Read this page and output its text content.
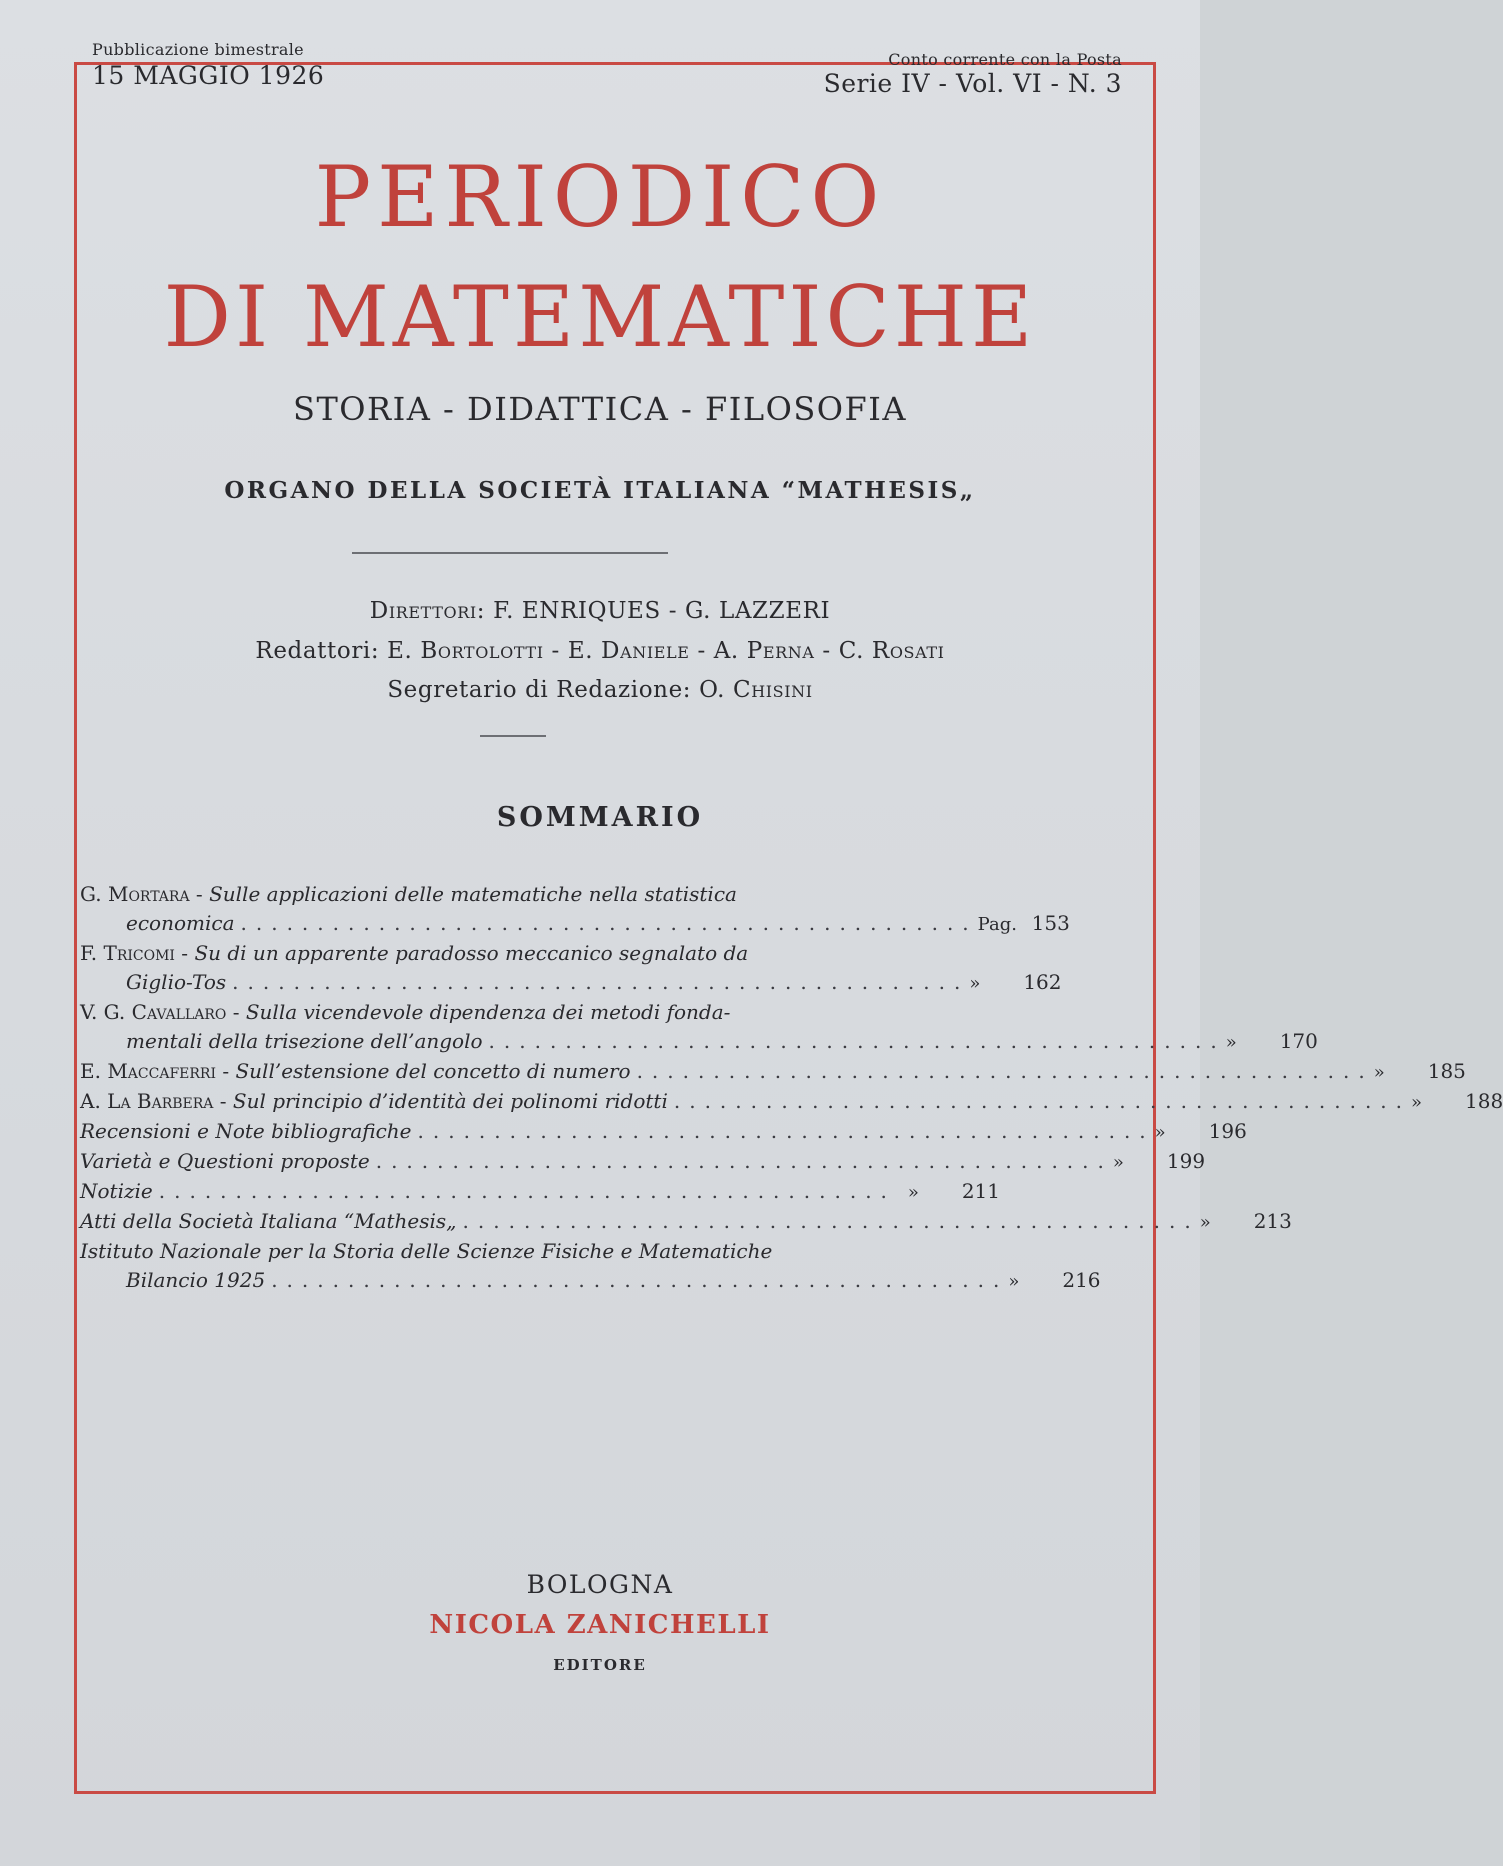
Pubblicazione bimestrale
15 MAGGIO 1926
Conto corrente con la Posta
Serie IV - Vol. VI - N. 3
PERIODICO
DI MATEMATICHE
STORIA - DIDATTICA - FILOSOFIA
ORGANO DELLA SOCIETÀ ITALIANA “MATHESIS„
Direttori: F. ENRIQUES - G. LAZZERI
Redattori: E. Bortolotti - E. Daniele - A. Perna - C. Rosati
Segretario di Redazione: O. Chisini
SOMMARIO
G. Mortara - Sulle applicazioni delle matematiche nella statistica
economica ................................................ Pag. 153
F. Tricomi - Su di un apparente paradosso meccanico segnalato da
Giglio-Tos ................................................ » 162
V. G. Cavallaro - Sulla vicendevole dipendenza dei metodi fonda-
mentali della trisezione dell’angolo ................................................ » 170
E. Maccaferri - Sull’estensione del concetto di numero ................................................ » 185
A. La Barbera - Sul principio d’identità dei polinomi ridotti ................................................ » 188
Recensioni e Note bibliografiche ................................................ » 196
Varietà e Questioni proposte ................................................ » 199
Notizie ................................................ » 211
Atti della Società Italiana “Mathesis„ ................................................ » 213
Istituto Nazionale per la Storia delle Scienze Fisiche e Matematiche
Bilancio 1925 ................................................ » 216
BOLOGNA
NICOLA ZANICHELLI
EDITORE
